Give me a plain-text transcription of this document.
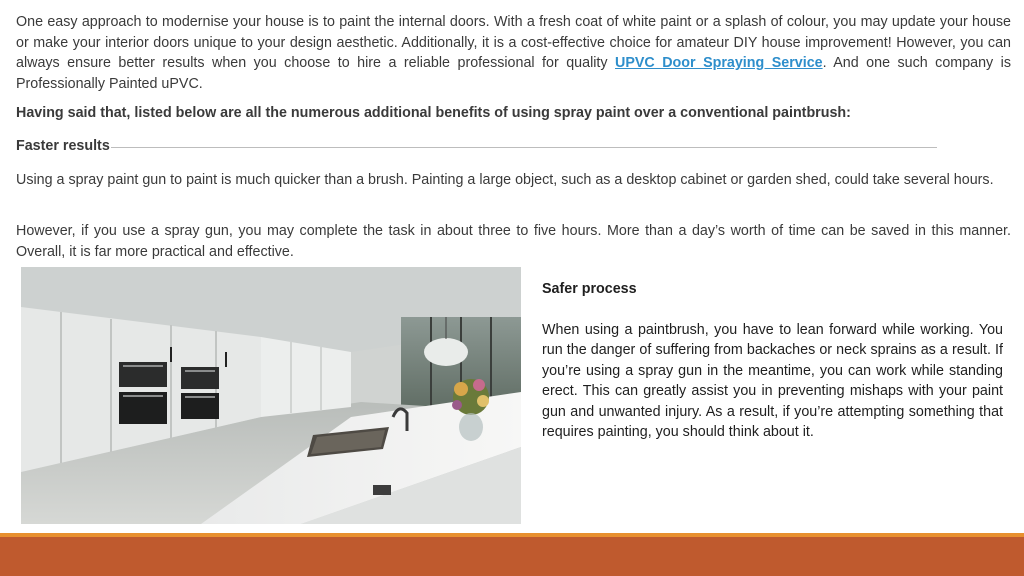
One easy approach to modernise your house is to paint the internal doors. With a fresh coat of white paint or a splash of colour, you may update your house or make your interior doors unique to your design aesthetic. Additionally, it is a cost-effective choice for amateur DIY house improvement! However, you can always ensure better results when you choose to hire a reliable professional for quality UPVC Door Spraying Service. And one such company is Professionally Painted uPVC.

Having said that, listed below are all the numerous additional benefits of using spray paint over a conventional paintbrush:

Faster results

Using a spray paint gun to paint is much quicker than a brush. Painting a large object, such as a desktop cabinet or garden shed, could take several hours.

However, if you use a spray gun, you may complete the task in about three to five hours. More than a day’s worth of time can be saved in this manner. Overall, it is far more practical and effective.

Safer process

When using a paintbrush, you have to lean forward while working. You run the danger of suffering from backaches or neck sprains as a result. If you’re using a spray gun in the meantime, you can work while standing erect. This can greatly assist you in preventing mishaps with your paint gun and unwanted injury. As a result, if you’re attempting something that requires painting, you should think about it.
